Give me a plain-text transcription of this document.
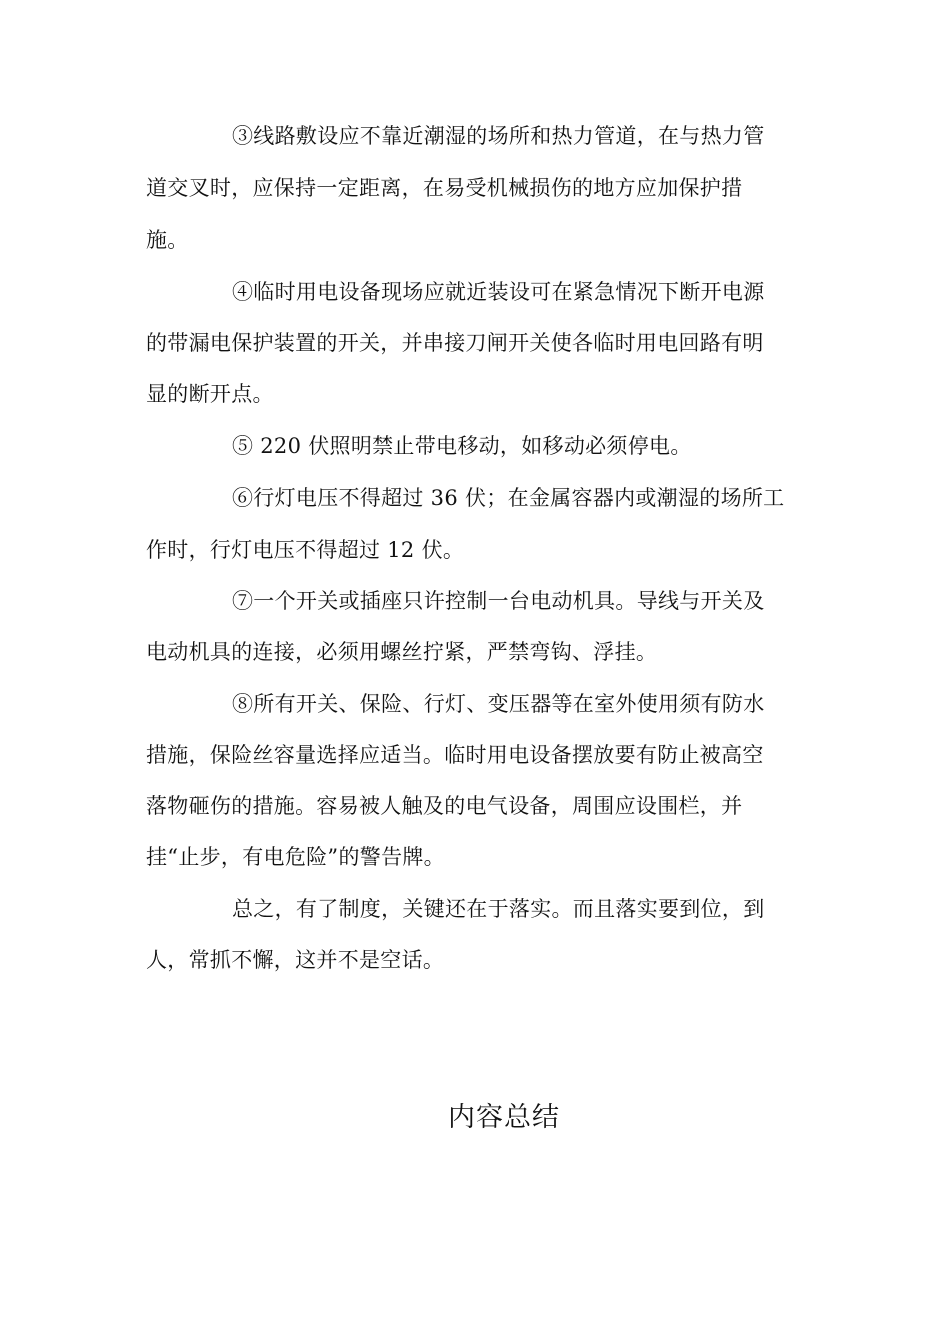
③线路敷设应不靠近潮湿的场所和热力管道，在与热力管
道交叉时，应保持一定距离，在易受机械损伤的地方应加保护措
施。
④临时用电设备现场应就近装设可在紧急情况下断开电源
的带漏电保护装置的开关，并串接刀闸开关使各临时用电回路有明
显的断开点。
⑤ 220 伏照明禁止带电移动，如移动必须停电。
⑥行灯电压不得超过 36 伏；在金属容器内或潮湿的场所工
作时，行灯电压不得超过 12 伏。
⑦一个开关或插座只许控制一台电动机具。导线与开关及
电动机具的连接，必须用螺丝拧紧，严禁弯钩、浮挂。
⑧所有开关、保险、行灯、变压器等在室外使用须有防水
措施，保险丝容量选择应适当。临时用电设备摆放要有防止被高空
落物砸伤的措施。容易被人触及的电气设备，周围应设围栏，并
挂“止步，有电危险”的警告牌。
总之，有了制度，关键还在于落实。而且落实要到位，到
人，常抓不懈，这并不是空话。
内容总结
